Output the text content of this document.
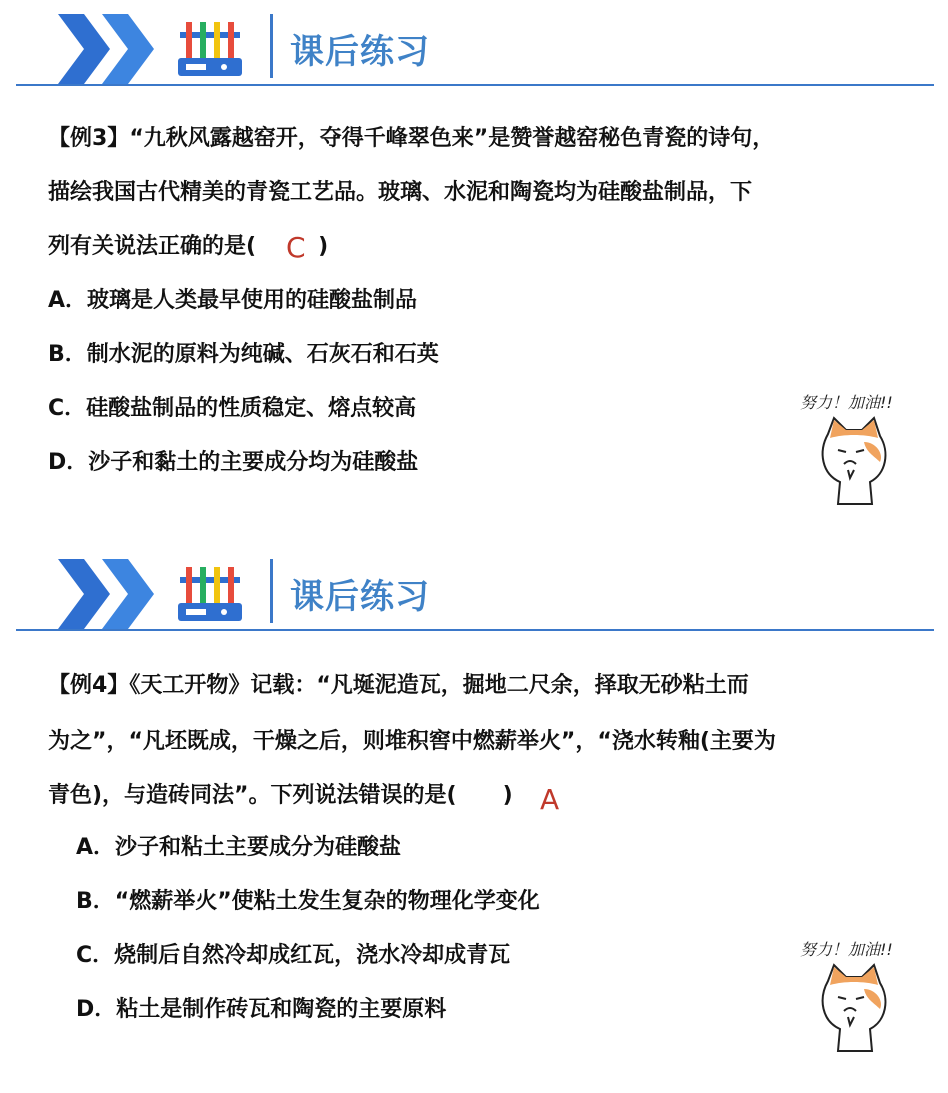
课后练习
【例3】“九秋风露越窑开，夺得千峰翠色来”是赞誉越窑秘色青瓷的诗句，
描绘我国古代精美的青瓷工艺品。玻璃、水泥和陶瓷均为硅酸盐制品，下
列有关说法正确的是(	)
C
A．玻璃是人类最早使用的硅酸盐制品
B．制水泥的原料为纯碱、石灰石和石英
C．硅酸盐制品的性质稳定、熔点较高
D．沙子和黏土的主要成分均为硅酸盐
努力！加油!!
课后练习
【例4】《天工开物》记载：“凡埏泥造瓦，掘地二尺余，择取无砂粘土而
为之”，“凡坯既成，干燥之后，则堆积窖中燃薪举火”，“浇水转釉(主要为
青色)，与造砖同法”。下列说法错误的是( ) A
A．沙子和粘土主要成分为硅酸盐
B．“燃薪举火”使粘土发生复杂的物理化学变化
C．烧制后自然冷却成红瓦，浇水冷却成青瓦
D．粘土是制作砖瓦和陶瓷的主要原料
努力！加油!!
